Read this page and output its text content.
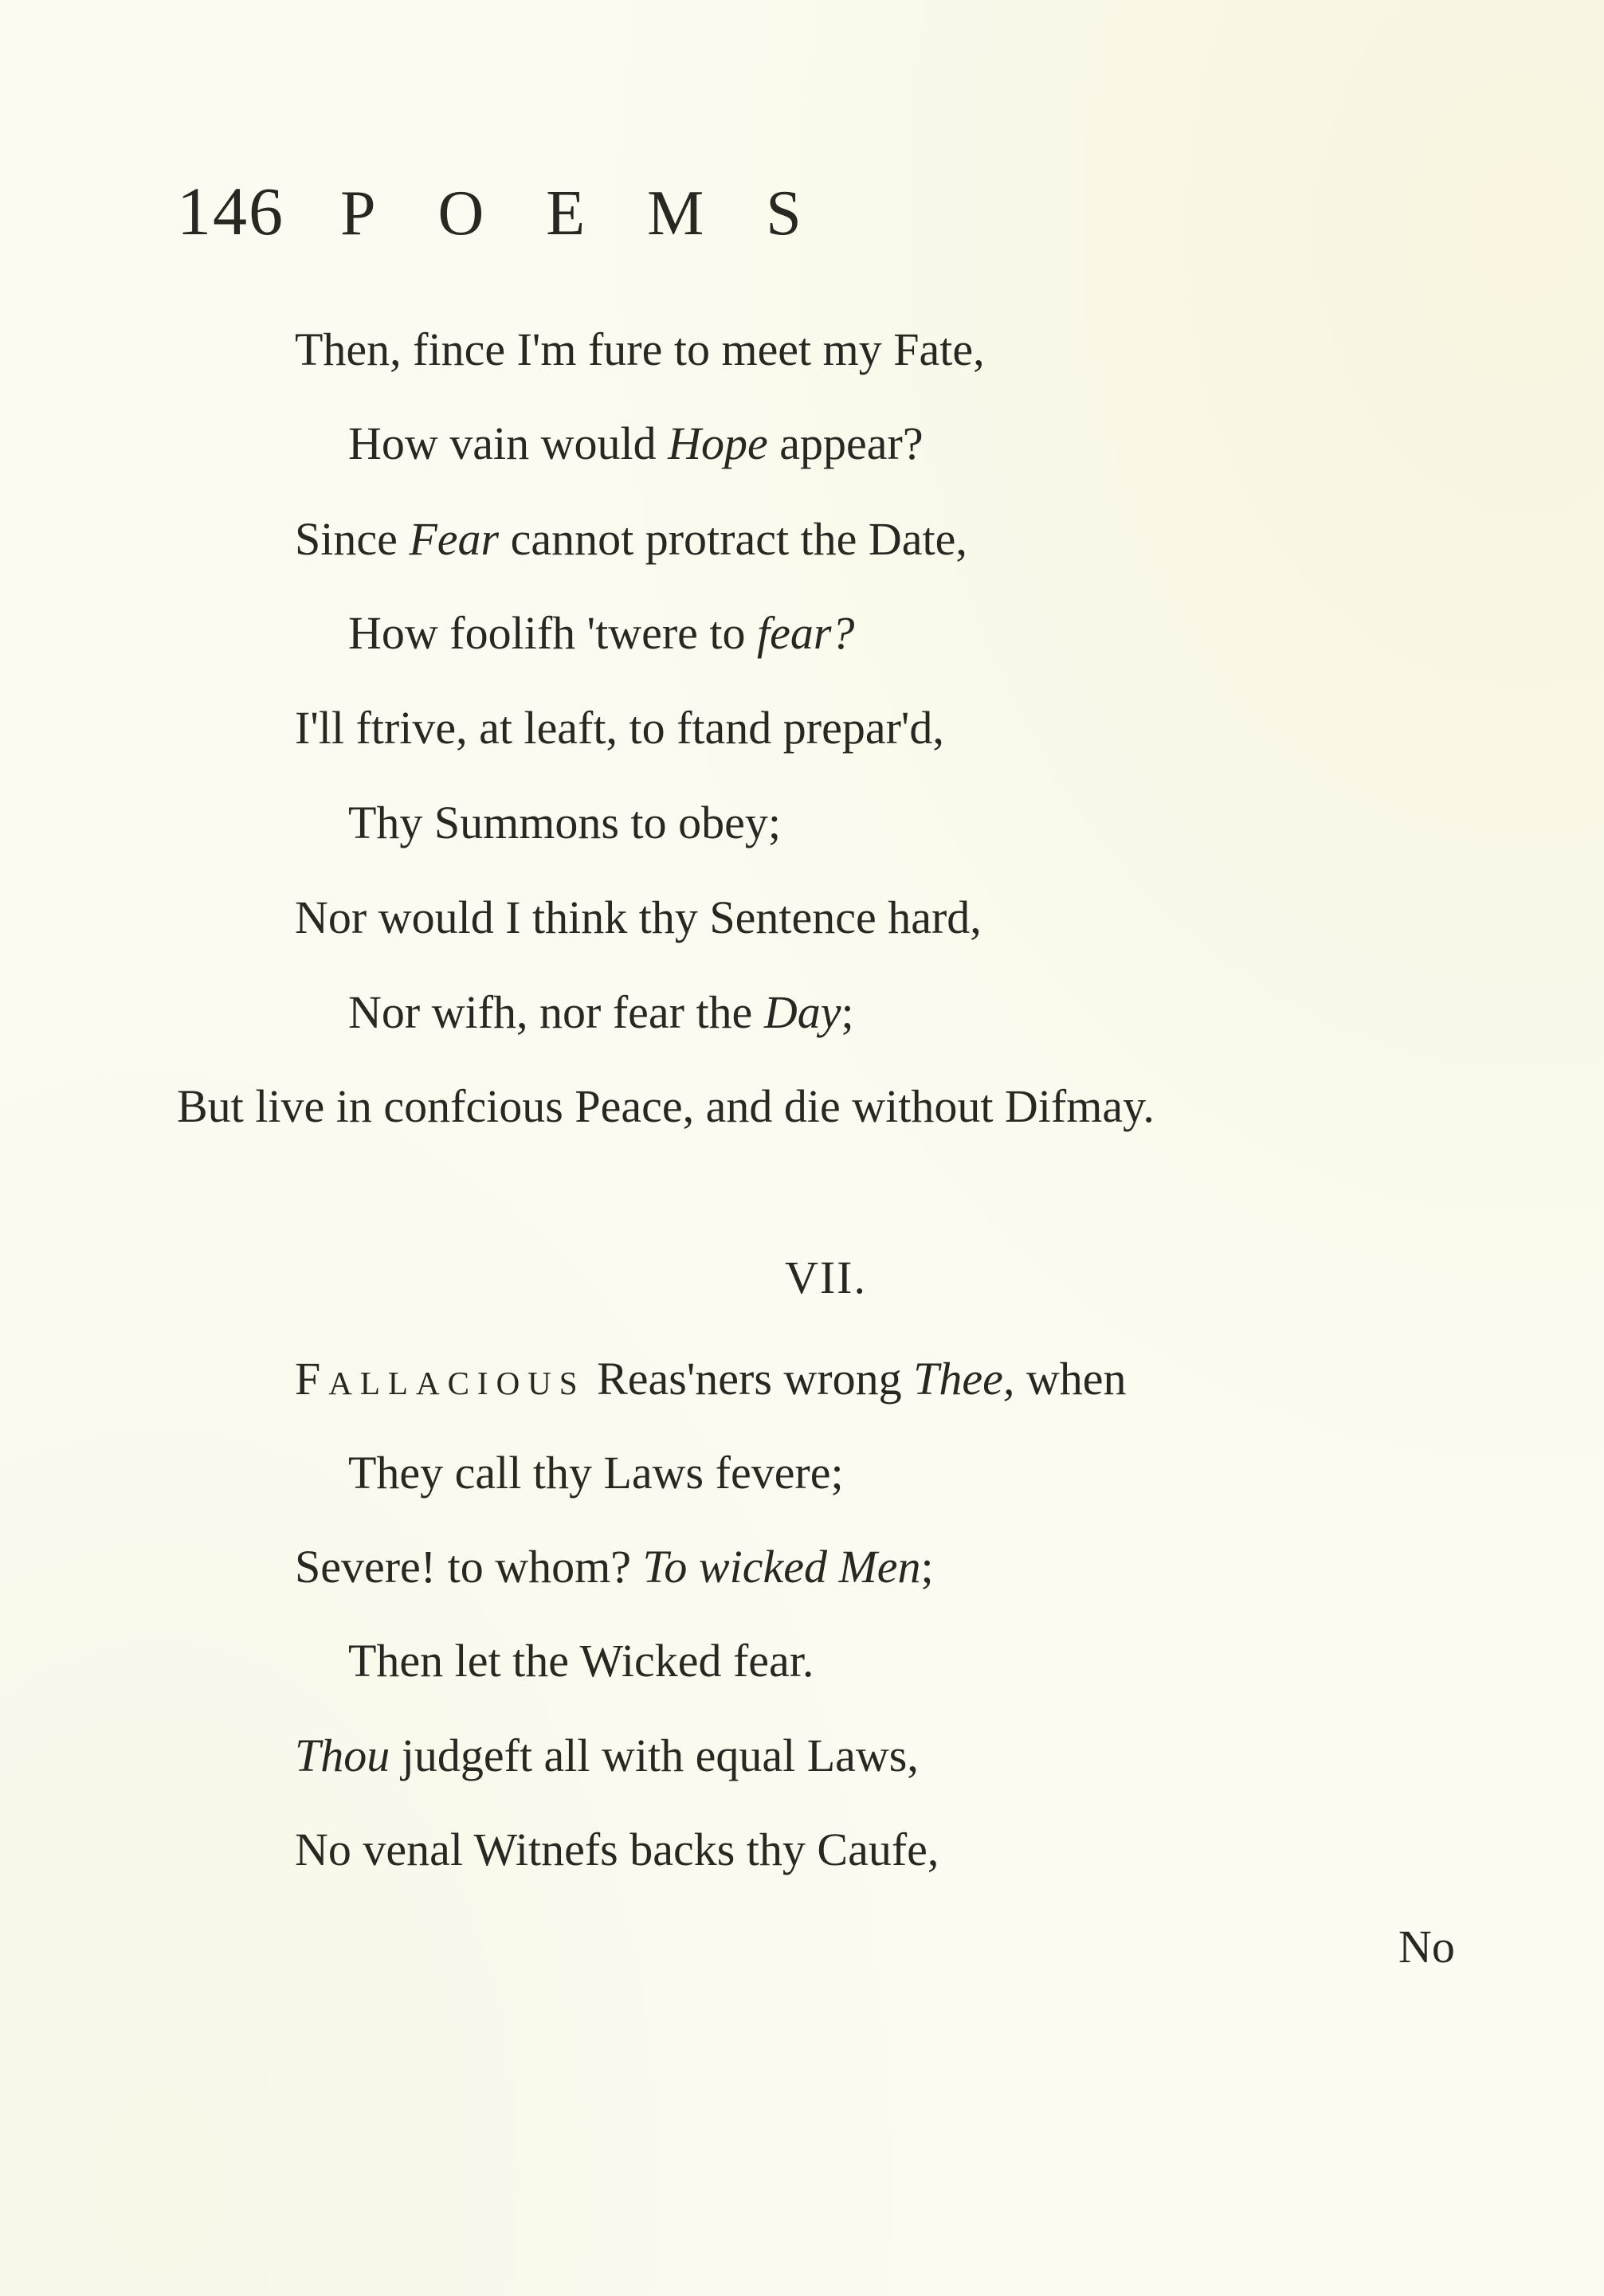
146 POEMS
Then, fince I'm fure to meet my Fate,
How vain would Hope appear?
Since Fear cannot protract the Date,
How foolifh 'twere to fear?
I'll ftrive, at leaft, to ftand prepar'd,
Thy Summons to obey;
Nor would I think thy Sentence hard,
Nor wifh, nor fear the Day;
But live in confcious Peace, and die without Difmay.
VII.
Fallacious Reas'ners wrong Thee, when
They call thy Laws fevere;
Severe! to whom? To wicked Men;
Then let the Wicked fear.
Thou judgeft all with equal Laws,
No venal Witnefs backs thy Caufe,
No
